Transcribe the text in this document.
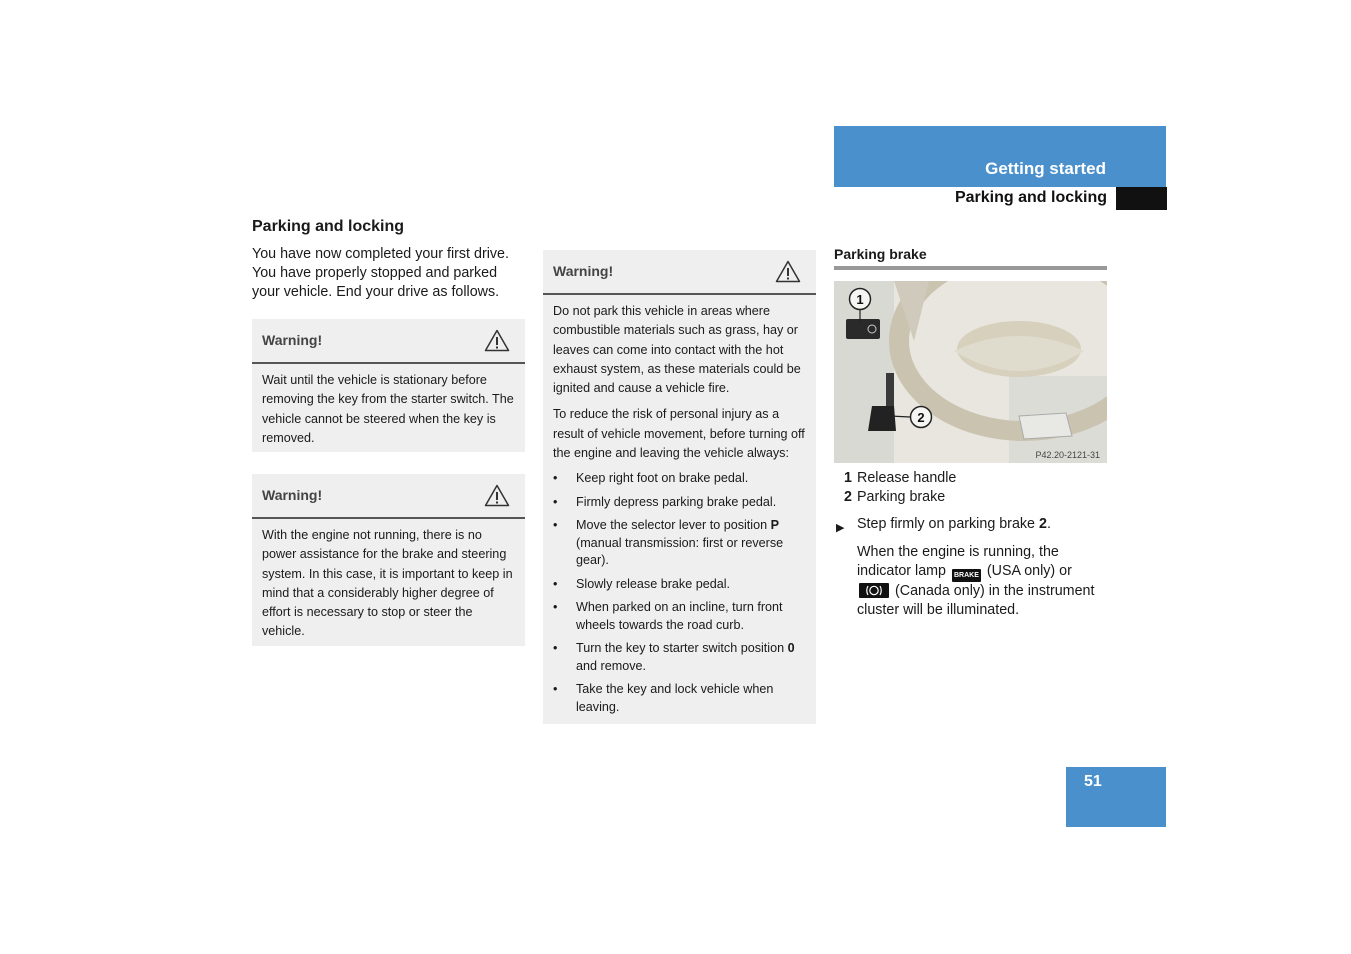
Getting started
Parking and locking
Parking and locking
You have now completed your first drive. You have properly stopped and parked your vehicle. End your drive as follows.
Warning!
Wait until the vehicle is stationary before removing the key from the starter switch. The vehicle cannot be steered when the key is removed.
Warning!
With the engine not running, there is no power assistance for the brake and steering system. In this case, it is important to keep in mind that a considerably higher degree of effort is necessary to stop or steer the vehicle.
Warning!

Do not park this vehicle in areas where combustible materials such as grass, hay or leaves can come into contact with the hot exhaust system, as these materials could be ignited and cause a vehicle fire.

To reduce the risk of personal injury as a result of vehicle movement, before turning off the engine and leaving the vehicle always:

• Keep right foot on brake pedal.
• Firmly depress parking brake pedal.
• Move the selector lever to position P (manual transmission: first or reverse gear).
• Slowly release brake pedal.
• When parked on an incline, turn front wheels towards the road curb.
• Turn the key to starter switch position 0 and remove.
• Take the key and lock vehicle when leaving.
Parking brake
1
2
P42.20-2121-31
1 Release handle
2 Parking brake
▶ Step firmly on parking brake 2.

When the engine is running, the indicator lamp BRAKE (USA only) or  (Canada only) in the instrument cluster will be illuminated.

51
